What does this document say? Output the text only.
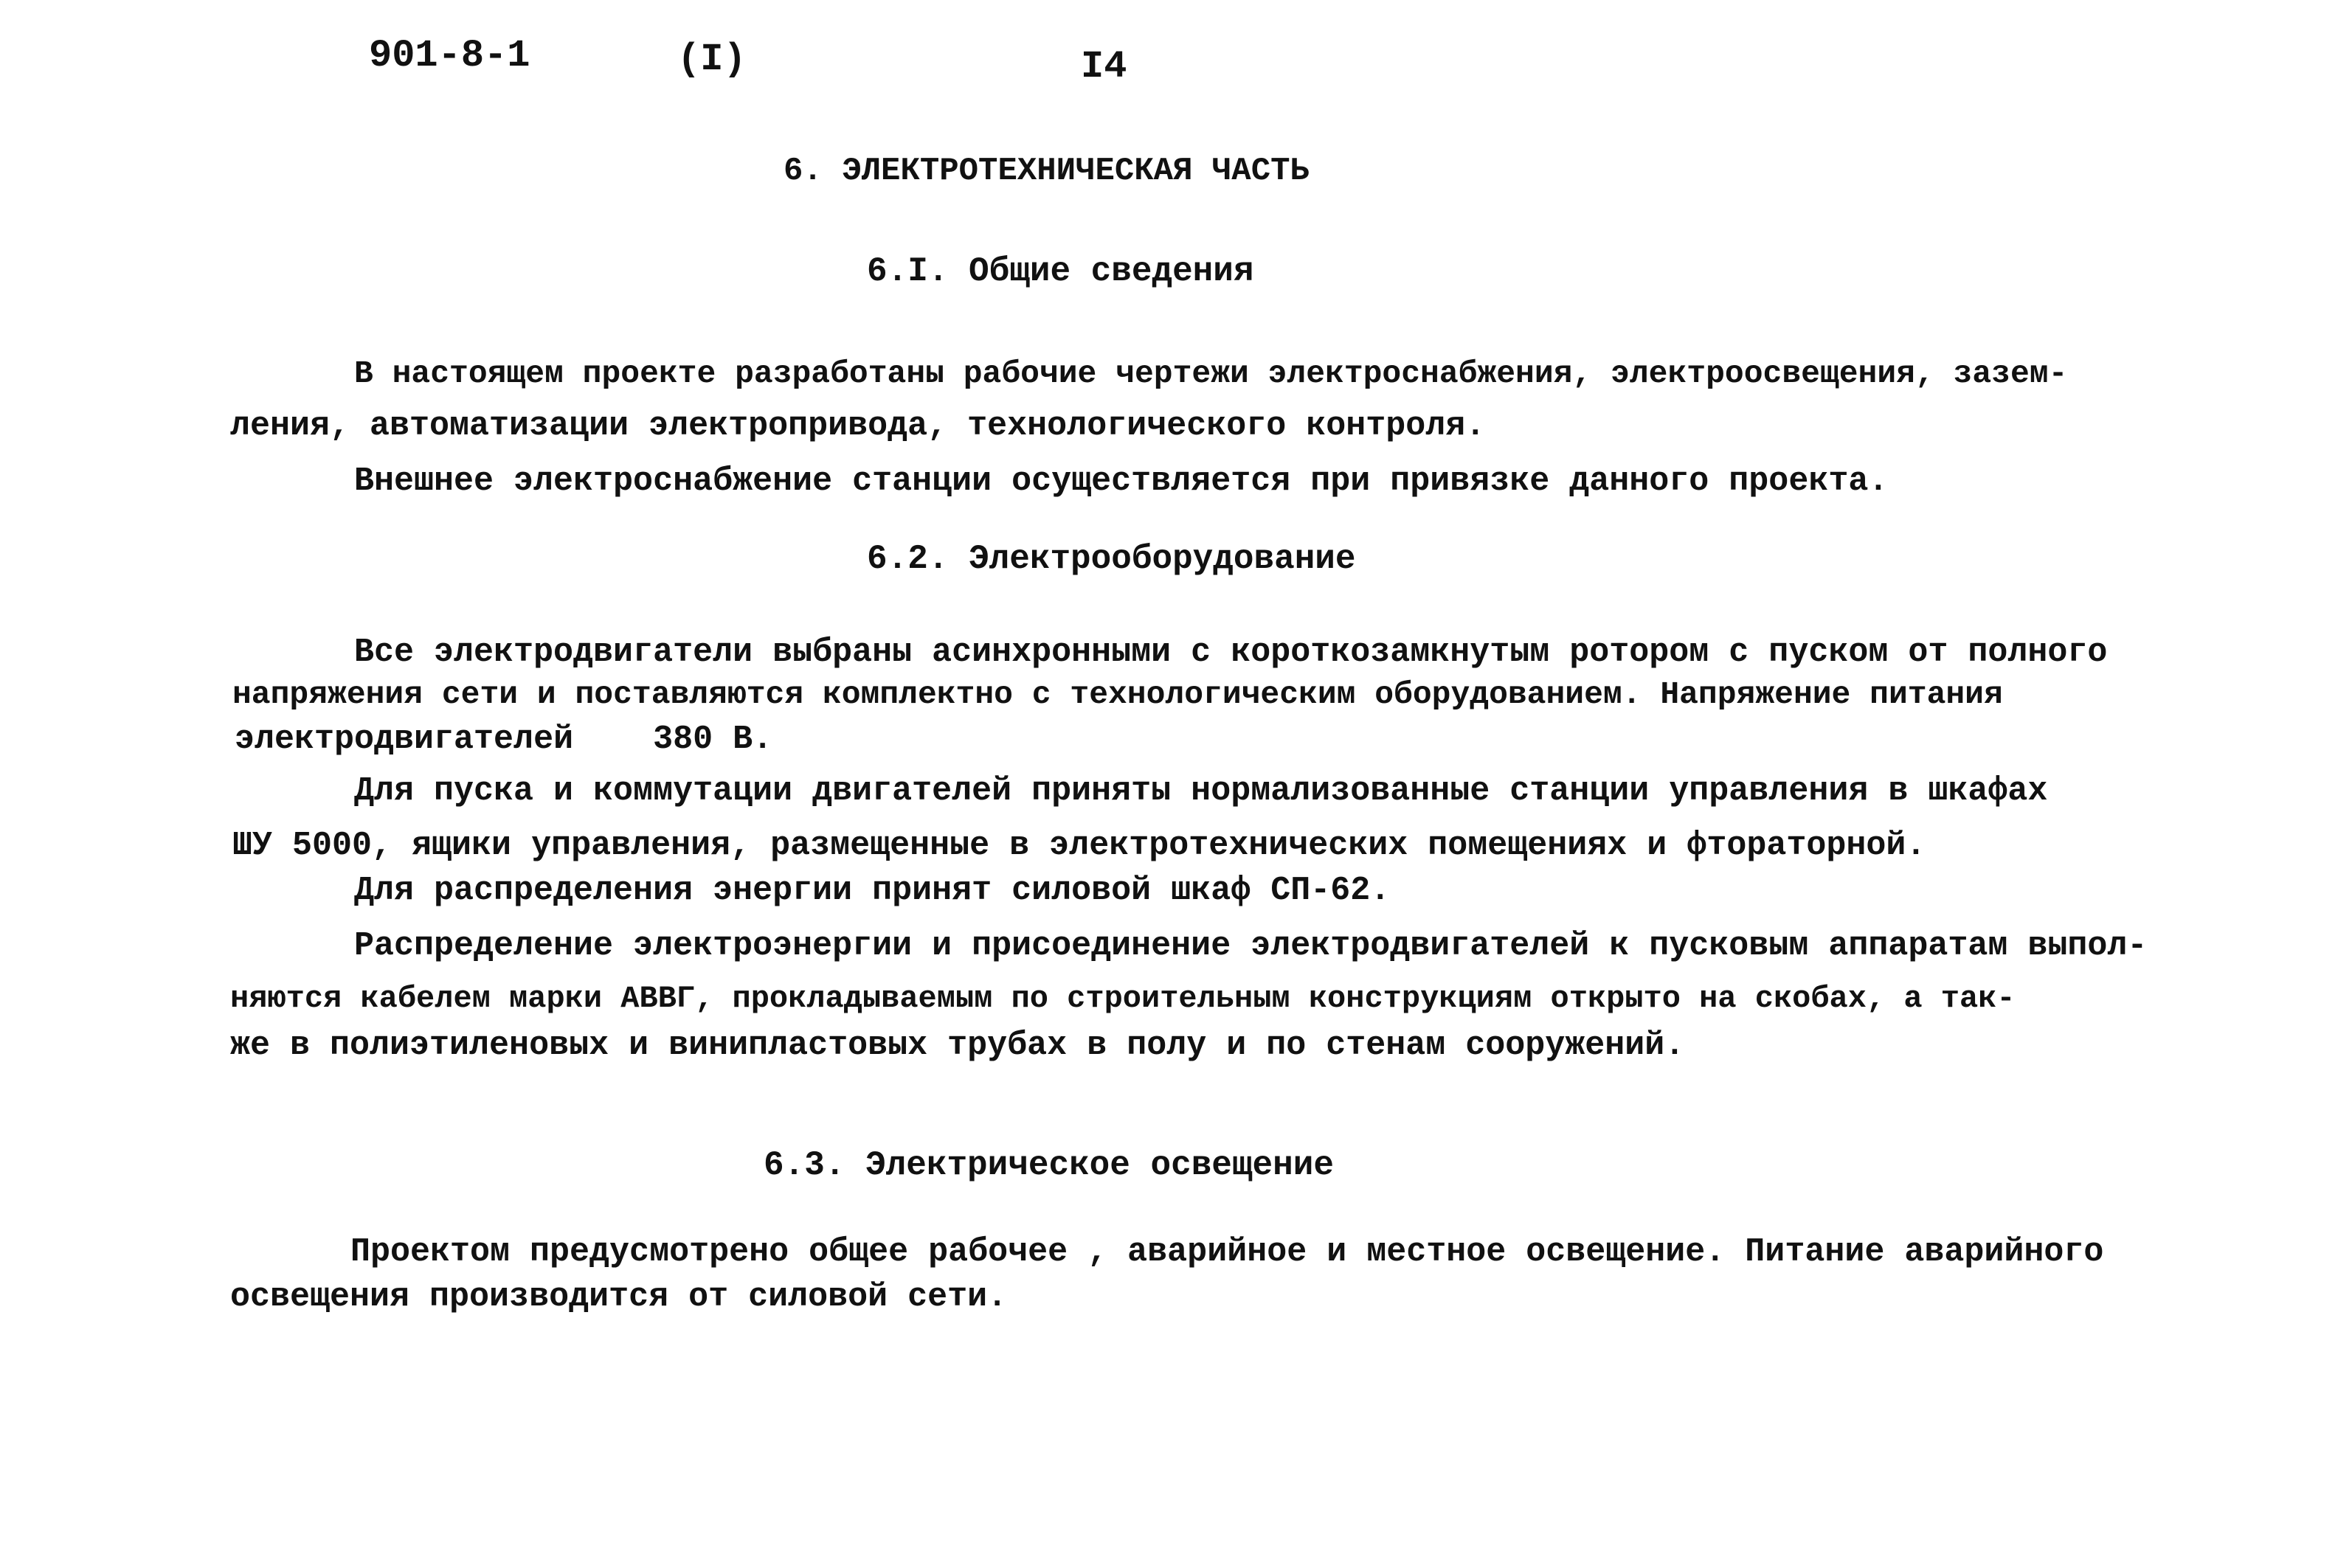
901-8-1	(I)	I4
6. ЭЛЕКТРОТЕХНИЧЕСКАЯ ЧАСТЬ
6.I. Общие сведения
В настоящем проекте разработаны рабочие чертежи электроснабжения, электроосвещения, зазем-
ления, автоматизации электропривода, технологического контроля.
Внешнее электроснабжение станции осуществляется при привязке данного проекта.
6.2. Электрооборудование
Все электродвигатели выбраны асинхронными с короткозамкнутым ротором с пуском от полного
напряжения сети и поставляются комплектно с технологическим оборудованием. Напряжение питания
электродвигателей    380 В.
Для пуска и коммутации двигателей приняты нормализованные станции управления в шкафах
ШУ 5000, ящики управления, размещенные в электротехнических помещениях и фтораторной.
Для распределения энергии принят силовой шкаф СП-62.
Распределение электроэнергии и присоединение электродвигателей к пусковым аппаратам выпол-
няются кабелем марки АВВГ, прокладываемым по строительным конструкциям открыто на скобах, а так-
же в полиэтиленовых и винипластовых трубах в полу и по стенам сооружений.
6.3. Электрическое освещение
Проектом предусмотрено общее рабочее , аварийное и местное освещение. Питание аварийного
освещения производится от силовой сети.
